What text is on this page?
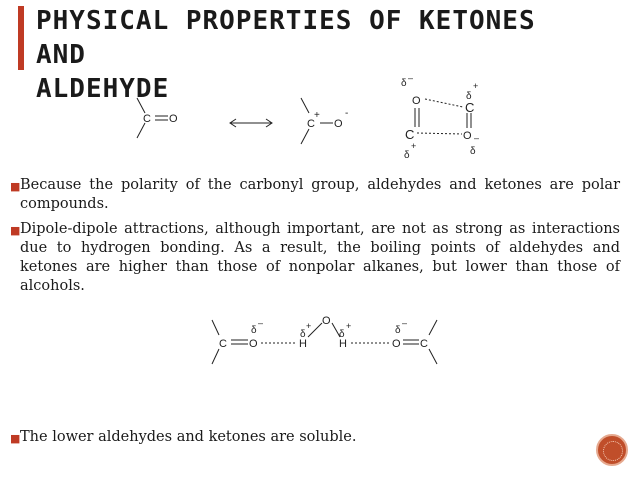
PHYSICAL PROPERTIES OF KETONES AND
ALDEHYDE
C O	C
+
O
-
δ –
O	δ
+
C
C	O –
δ
+	δ
C O
δ
–
H
δ
+ O
H
δ
+
O
δ
–
C
■ Because the polarity of the carbonyl group, aldehydes and ketones are polar compounds.
■ Dipole-dipole attractions, although important, are not as strong as interactions due to hydrogen bonding. As a result, the boiling points of aldehydes and ketones are higher than those of nonpolar alkanes, but lower than those of alcohols.
■ The lower aldehydes and ketones are soluble.
